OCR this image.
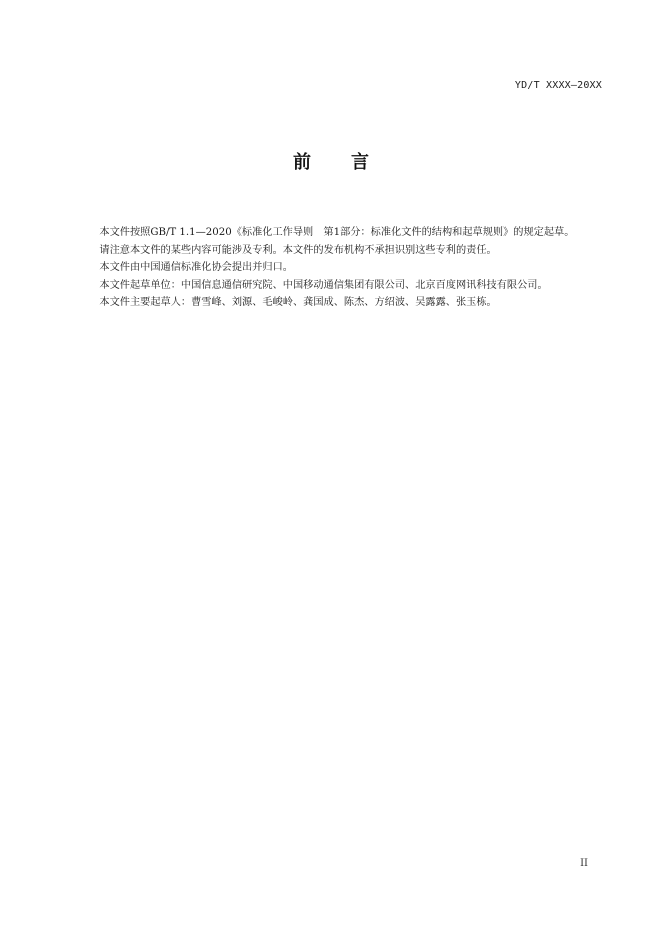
YD/T XXXX—20XX
前言

本文件按照GB/T 1.1—2020《标准化工作导则　第1部分：标准化文件的结构和起草规则》的规定起草。

请注意本文件的某些内容可能涉及专利。本文件的发布机构不承担识别这些专利的责任。

本文件由中国通信标准化协会提出并归口。

本文件起草单位：中国信息通信研究院、中国移动通信集团有限公司、北京百度网讯科技有限公司。

本文件主要起草人：曹雪峰、刘源、毛峻岭、龚国成、陈杰、方绍波、吴露露、张玉栋。

II
